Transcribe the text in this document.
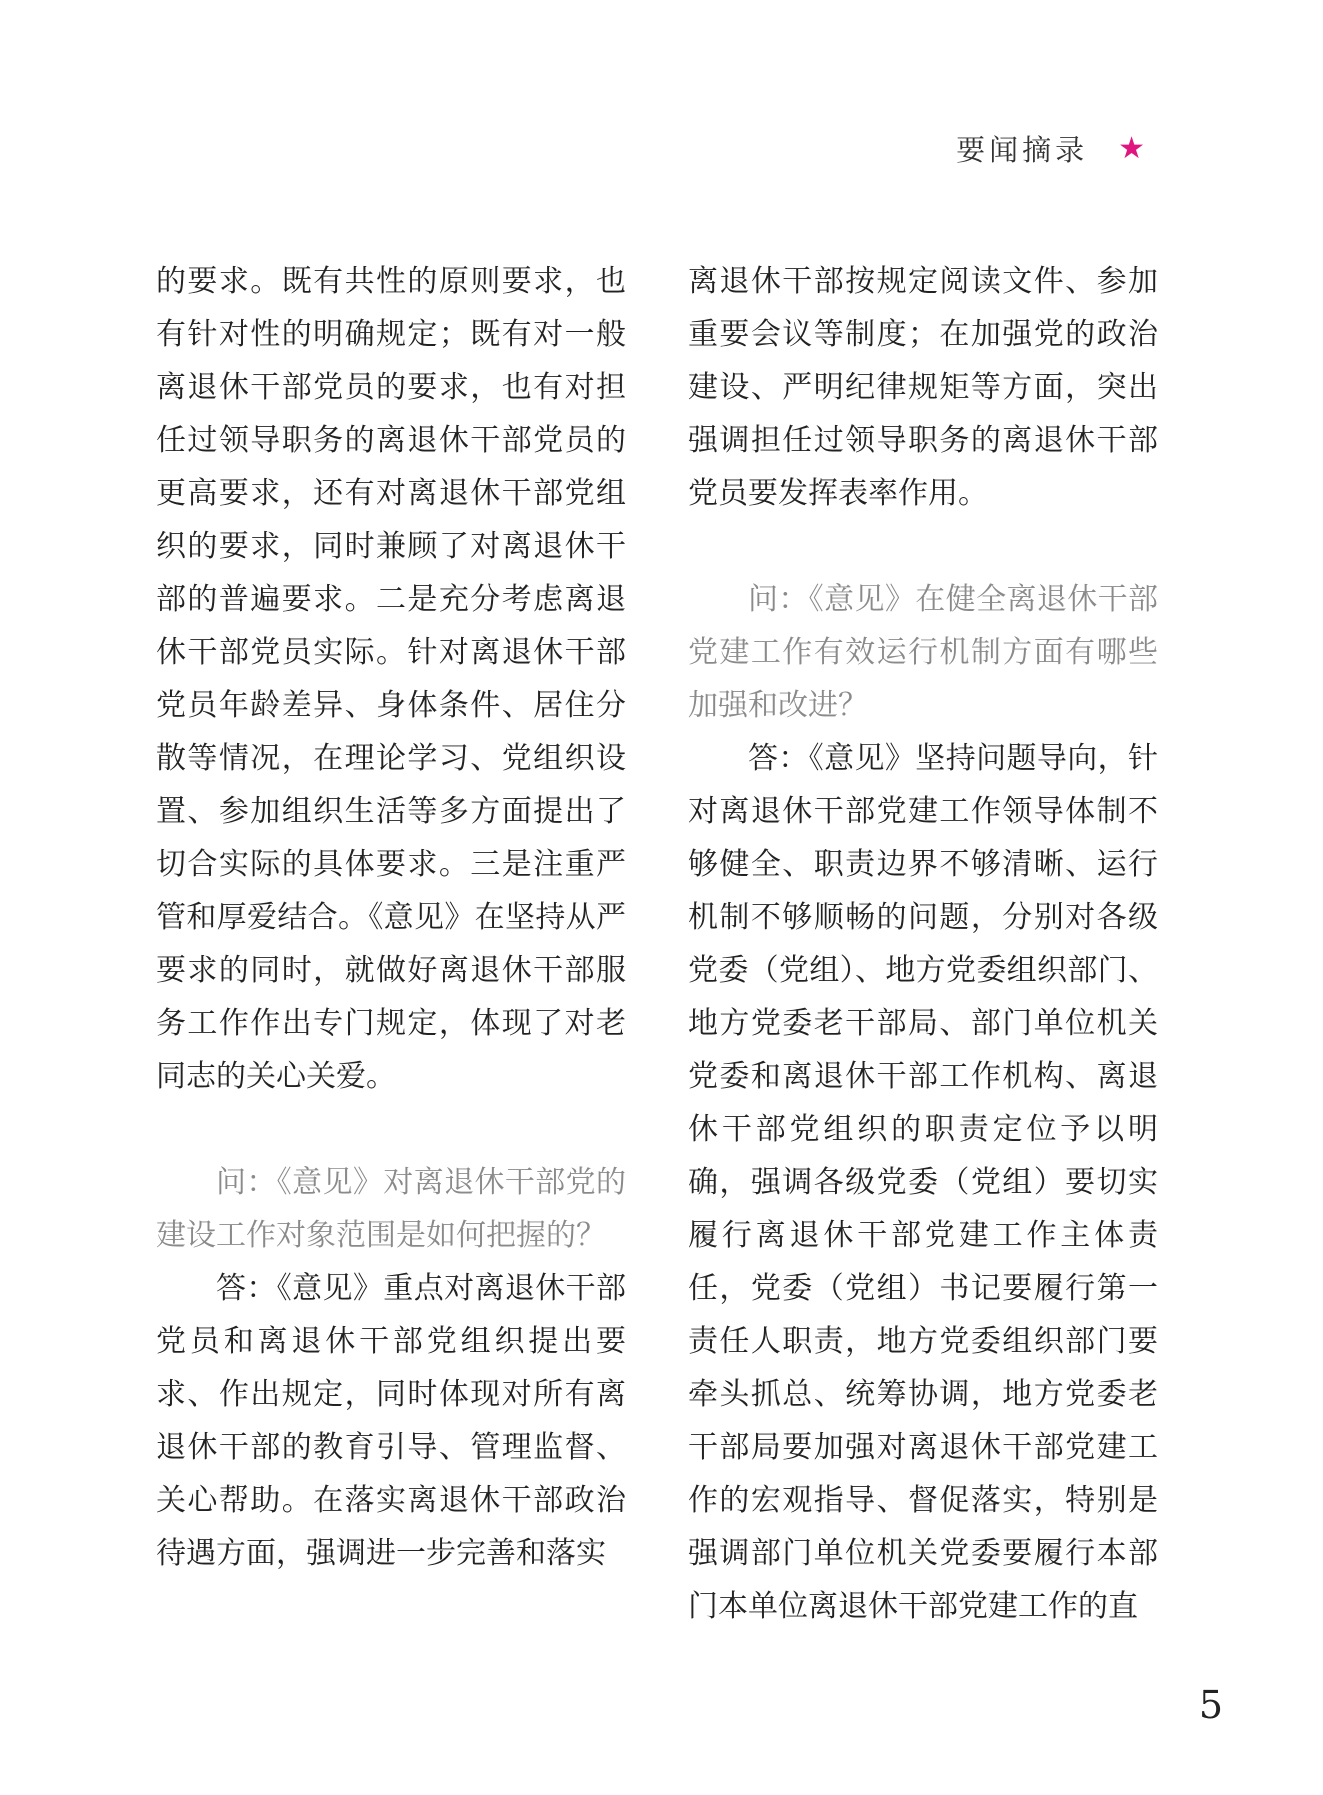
要闻摘录 ★

的要求。既有共性的原则要求，也有针对性的明确规定；既有对一般离退休干部党员的要求，也有对担任过领导职务的离退休干部党员的更高要求，还有对离退休干部党组织的要求，同时兼顾了对离退休干部的普遍要求。二是充分考虑离退休干部党员实际。针对离退休干部党员年龄差异、身体条件、居住分散等情况，在理论学习、党组织设置、参加组织生活等多方面提出了切合实际的具体要求。三是注重严管和厚爱结合。《意见》在坚持从严要求的同时，就做好离退休干部服务工作作出专门规定，体现了对老同志的关心关爱。

问：《意见》对离退休干部党的建设工作对象范围是如何把握的？

答：《意见》重点对离退休干部党员和离退休干部党组织提出要求、作出规定，同时体现对所有离退休干部的教育引导、管理监督、关心帮助。在落实离退休干部政治待遇方面，强调进一步完善和落实

离退休干部按规定阅读文件、参加重要会议等制度；在加强党的政治建设、严明纪律规矩等方面，突出强调担任过领导职务的离退休干部党员要发挥表率作用。

问：《意见》在健全离退休干部党建工作有效运行机制方面有哪些加强和改进？

答：《意见》坚持问题导向，针对离退休干部党建工作领导体制不够健全、职责边界不够清晰、运行机制不够顺畅的问题，分别对各级党委（党组）、地方党委组织部门、地方党委老干部局、部门单位机关党委和离退休干部工作机构、离退休干部党组织的职责定位予以明确，强调各级党委（党组）要切实履行离退休干部党建工作主体责任，党委（党组）书记要履行第一责任人职责，地方党委组织部门要牵头抓总、统筹协调，地方党委老干部局要加强对离退休干部党建工作的宏观指导、督促落实，特别是强调部门单位机关党委要履行本部门本单位离退休干部党建工作的直

5
